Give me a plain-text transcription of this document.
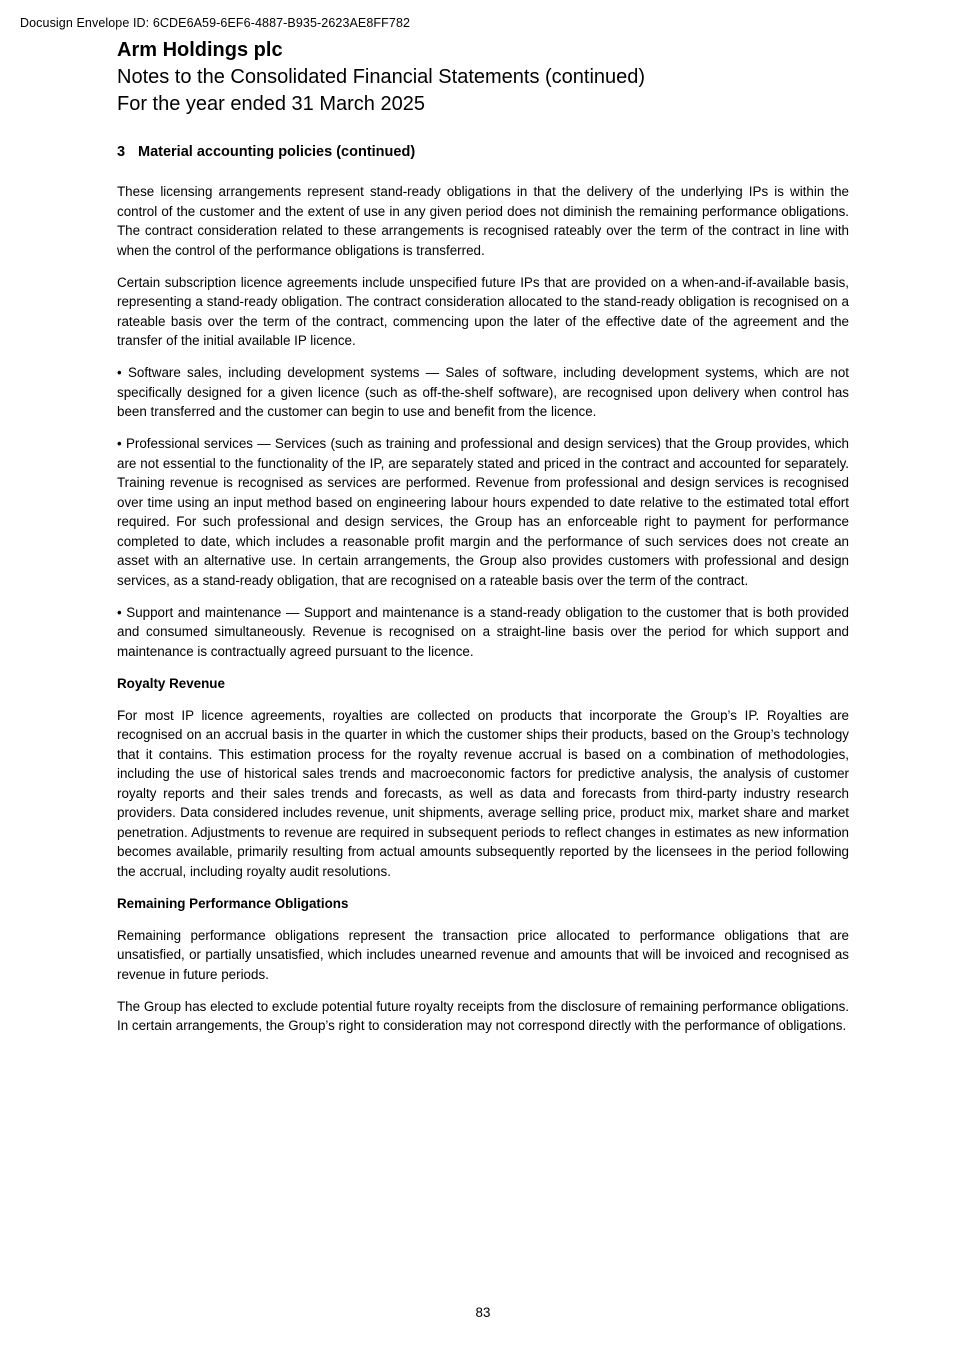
Docusign Envelope ID: 6CDE6A59-6EF6-4887-B935-2623AE8FF782
Arm Holdings plc
Notes to the Consolidated Financial Statements (continued)
For the year ended 31 March 2025
3 Material accounting policies (continued)

These licensing arrangements represent stand-ready obligations in that the delivery of the underlying IPs is within the control of the customer and the extent of use in any given period does not diminish the remaining performance obligations. The contract consideration related to these arrangements is recognised rateably over the term of the contract in line with when the control of the performance obligations is transferred.

Certain subscription licence agreements include unspecified future IPs that are provided on a when-and-if-available basis, representing a stand-ready obligation. The contract consideration allocated to the stand-ready obligation is recognised on a rateable basis over the term of the contract, commencing upon the later of the effective date of the agreement and the transfer of the initial available IP licence.

• Software sales, including development systems — Sales of software, including development systems, which are not specifically designed for a given licence (such as off-the-shelf software), are recognised upon delivery when control has been transferred and the customer can begin to use and benefit from the licence.

• Professional services — Services (such as training and professional and design services) that the Group provides, which are not essential to the functionality of the IP, are separately stated and priced in the contract and accounted for separately. Training revenue is recognised as services are performed. Revenue from professional and design services is recognised over time using an input method based on engineering labour hours expended to date relative to the estimated total effort required. For such professional and design services, the Group has an enforceable right to payment for performance completed to date, which includes a reasonable profit margin and the performance of such services does not create an asset with an alternative use. In certain arrangements, the Group also provides customers with professional and design services, as a stand-ready obligation, that are recognised on a rateable basis over the term of the contract.

• Support and maintenance — Support and maintenance is a stand-ready obligation to the customer that is both provided and consumed simultaneously. Revenue is recognised on a straight-line basis over the period for which support and maintenance is contractually agreed pursuant to the licence.

Royalty Revenue

For most IP licence agreements, royalties are collected on products that incorporate the Group’s IP. Royalties are recognised on an accrual basis in the quarter in which the customer ships their products, based on the Group’s technology that it contains. This estimation process for the royalty revenue accrual is based on a combination of methodologies, including the use of historical sales trends and macroeconomic factors for predictive analysis, the analysis of customer royalty reports and their sales trends and forecasts, as well as data and forecasts from third-party industry research providers. Data considered includes revenue, unit shipments, average selling price, product mix, market share and market penetration. Adjustments to revenue are required in subsequent periods to reflect changes in estimates as new information becomes available, primarily resulting from actual amounts subsequently reported by the licensees in the period following the accrual, including royalty audit resolutions.

Remaining Performance Obligations

Remaining performance obligations represent the transaction price allocated to performance obligations that are unsatisfied, or partially unsatisfied, which includes unearned revenue and amounts that will be invoiced and recognised as revenue in future periods.

The Group has elected to exclude potential future royalty receipts from the disclosure of remaining performance obligations. In certain arrangements, the Group’s right to consideration may not correspond directly with the performance of obligations.

83
